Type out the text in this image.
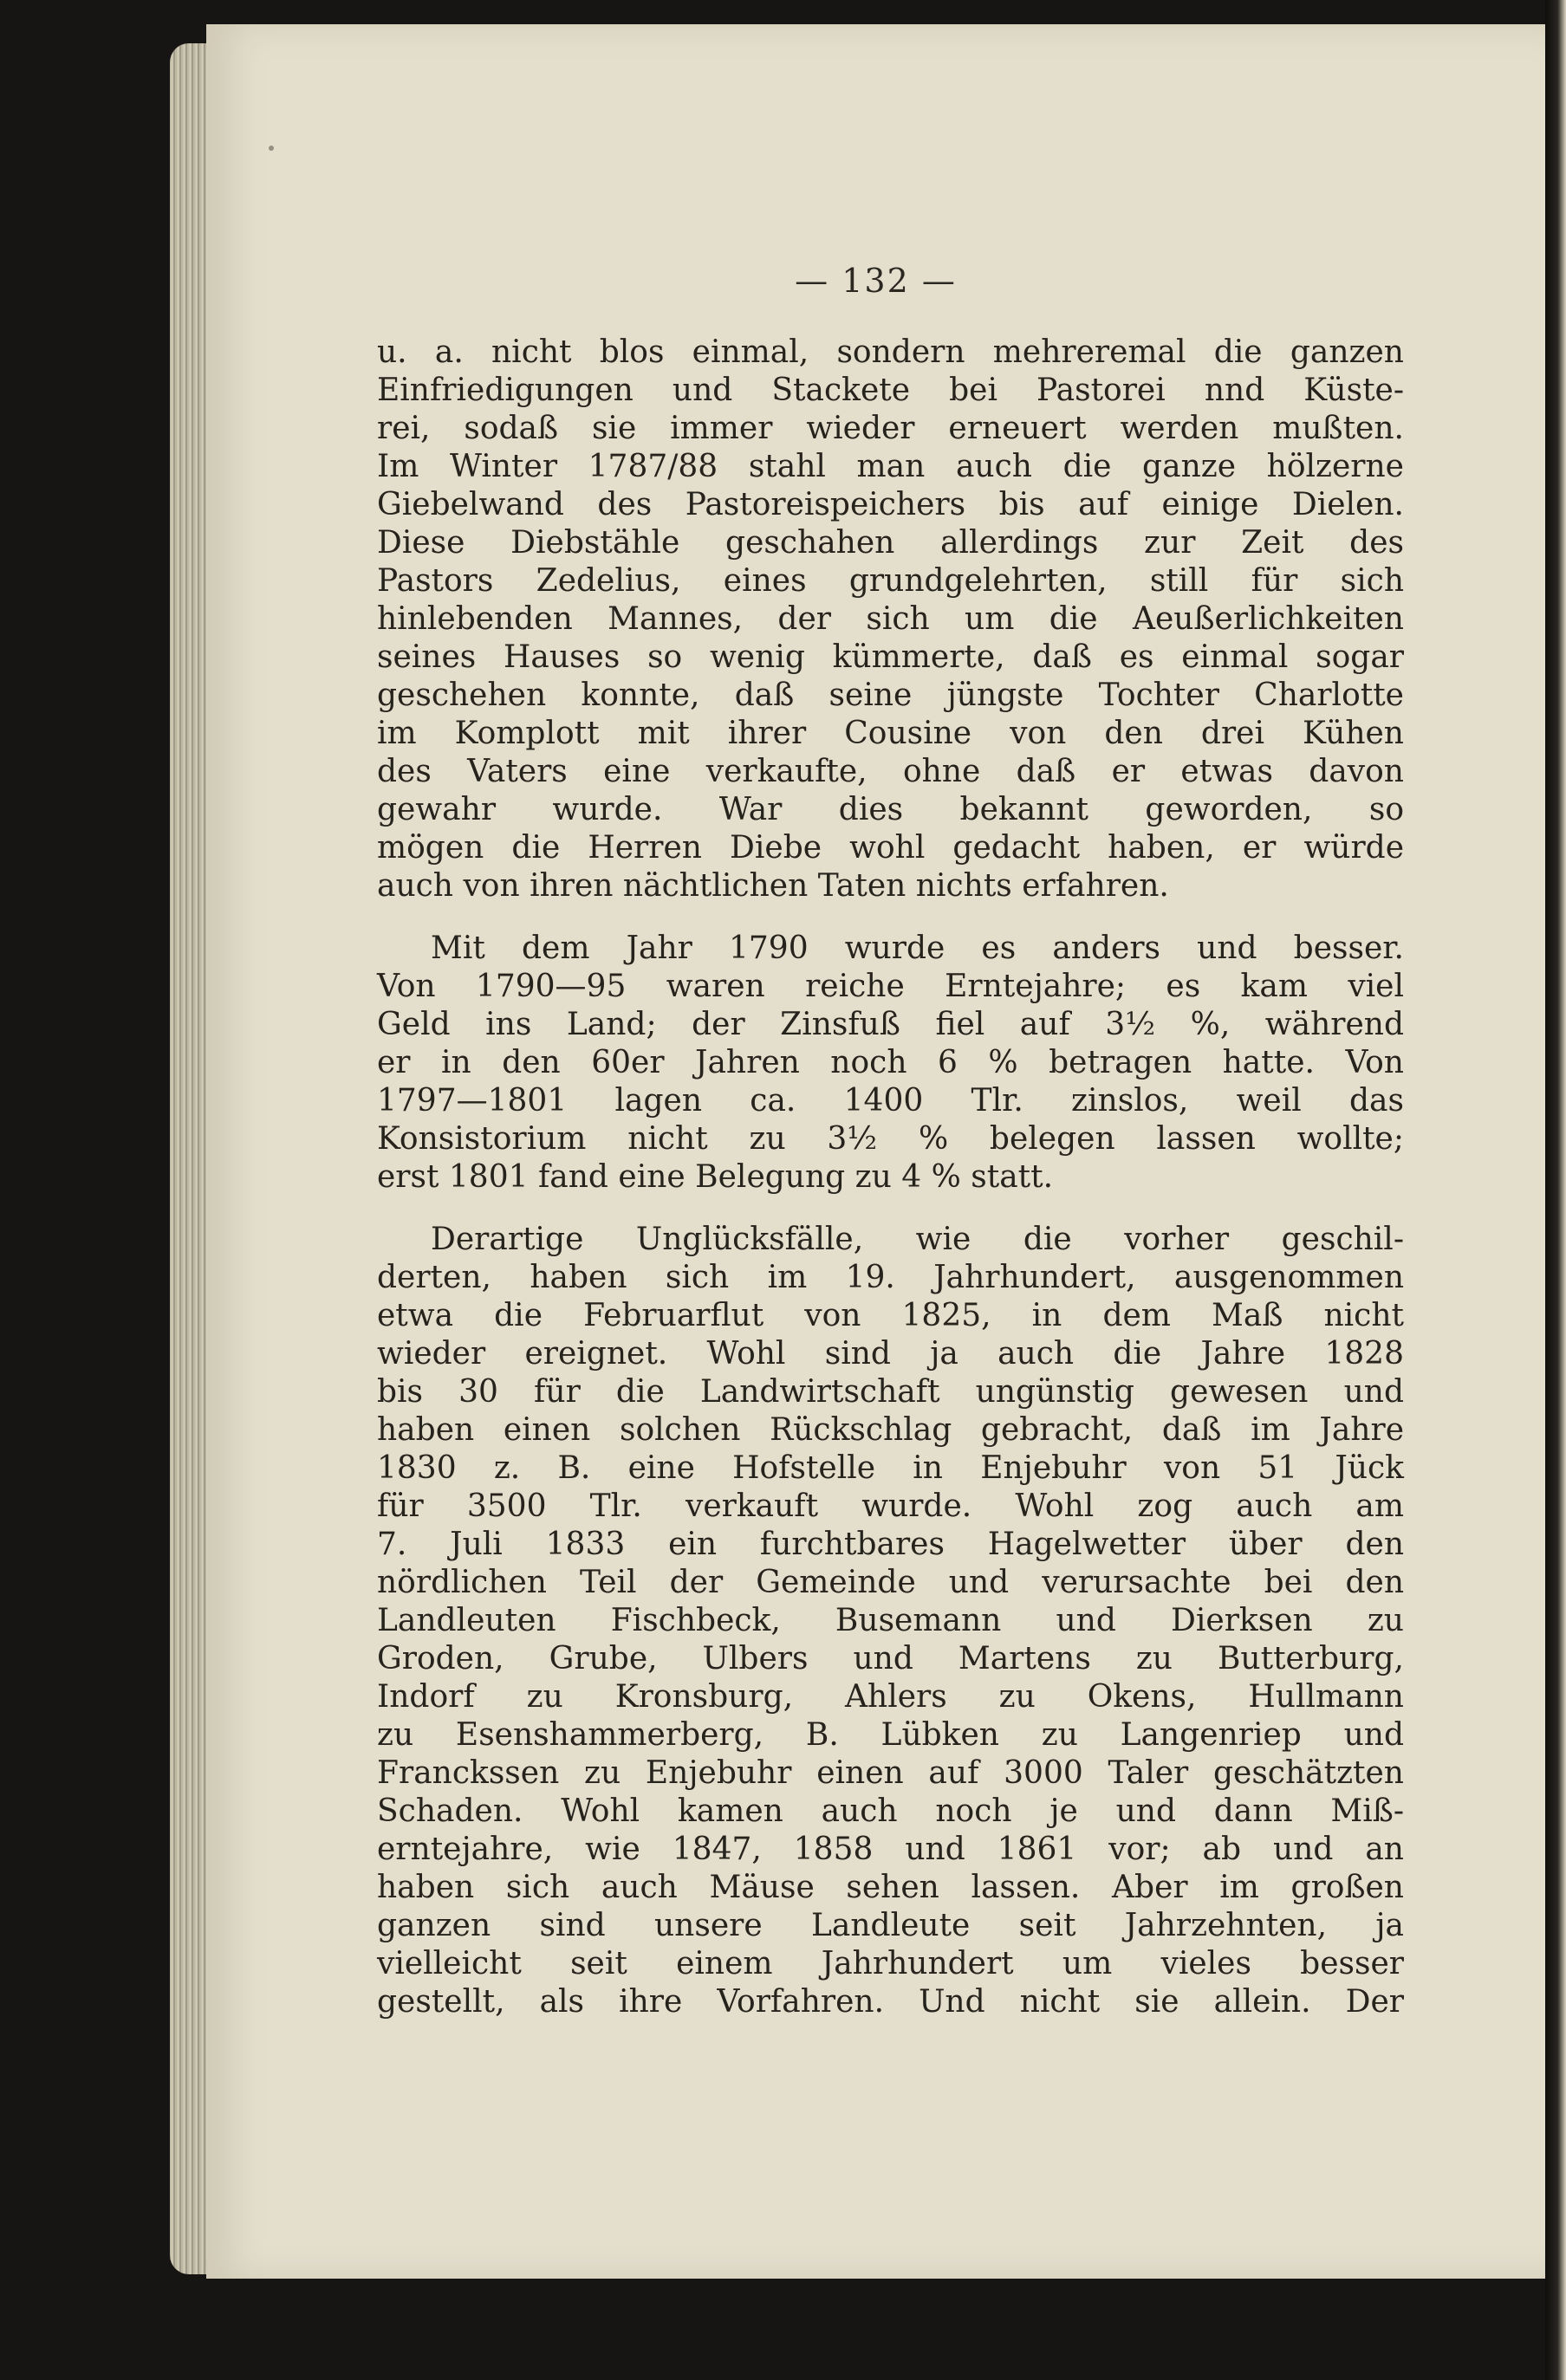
— 132 —
u. a. nicht blos einmal, sondern mehreremal die ganzen
Einfriedigungen und Stackete bei Pastorei nnd Küste-
rei, sodaß sie immer wieder erneuert werden mußten.
Im Winter 1787/88 stahl man auch die ganze hölzerne
Giebelwand des Pastoreispeichers bis auf einige Dielen.
Diese Diebstähle geschahen allerdings zur Zeit des
Pastors Zedelius, eines grundgelehrten, still für sich
hinlebenden Mannes, der sich um die Aeußerlichkeiten
seines Hauses so wenig kümmerte, daß es einmal sogar
geschehen konnte, daß seine jüngste Tochter Charlotte
im Komplott mit ihrer Cousine von den drei Kühen
des Vaters eine verkaufte, ohne daß er etwas davon
gewahr wurde. War dies bekannt geworden, so
mögen die Herren Diebe wohl gedacht haben, er würde
auch von ihren nächtlichen Taten nichts erfahren.
Mit dem Jahr 1790 wurde es anders und besser.
Von 1790—95 waren reiche Erntejahre; es kam viel
Geld ins Land; der Zinsfuß fiel auf 3½ %, während
er in den 60er Jahren noch 6 % betragen hatte. Von
1797—1801 lagen ca. 1400 Tlr. zinslos, weil das
Konsistorium nicht zu 3½ % belegen lassen wollte;
erst 1801 fand eine Belegung zu 4 % statt.
Derartige Unglücksfälle, wie die vorher geschil-
derten, haben sich im 19. Jahrhundert, ausgenommen
etwa die Februarflut von 1825, in dem Maß nicht
wieder ereignet. Wohl sind ja auch die Jahre 1828
bis 30 für die Landwirtschaft ungünstig gewesen und
haben einen solchen Rückschlag gebracht, daß im Jahre
1830 z. B. eine Hofstelle in Enjebuhr von 51 Jück
für 3500 Tlr. verkauft wurde. Wohl zog auch am
7. Juli 1833 ein furchtbares Hagelwetter über den
nördlichen Teil der Gemeinde und verursachte bei den
Landleuten Fischbeck, Busemann und Dierksen zu
Groden, Grube, Ulbers und Martens zu Butterburg,
Indorf zu Kronsburg, Ahlers zu Okens, Hullmann
zu Esenshammerberg, B. Lübken zu Langenriep und
Franckssen zu Enjebuhr einen auf 3000 Taler geschätzten
Schaden. Wohl kamen auch noch je und dann Miß-
erntejahre, wie 1847, 1858 und 1861 vor; ab und an
haben sich auch Mäuse sehen lassen. Aber im großen
ganzen sind unsere Landleute seit Jahrzehnten, ja
vielleicht seit einem Jahrhundert um vieles besser
gestellt, als ihre Vorfahren. Und nicht sie allein. Der
